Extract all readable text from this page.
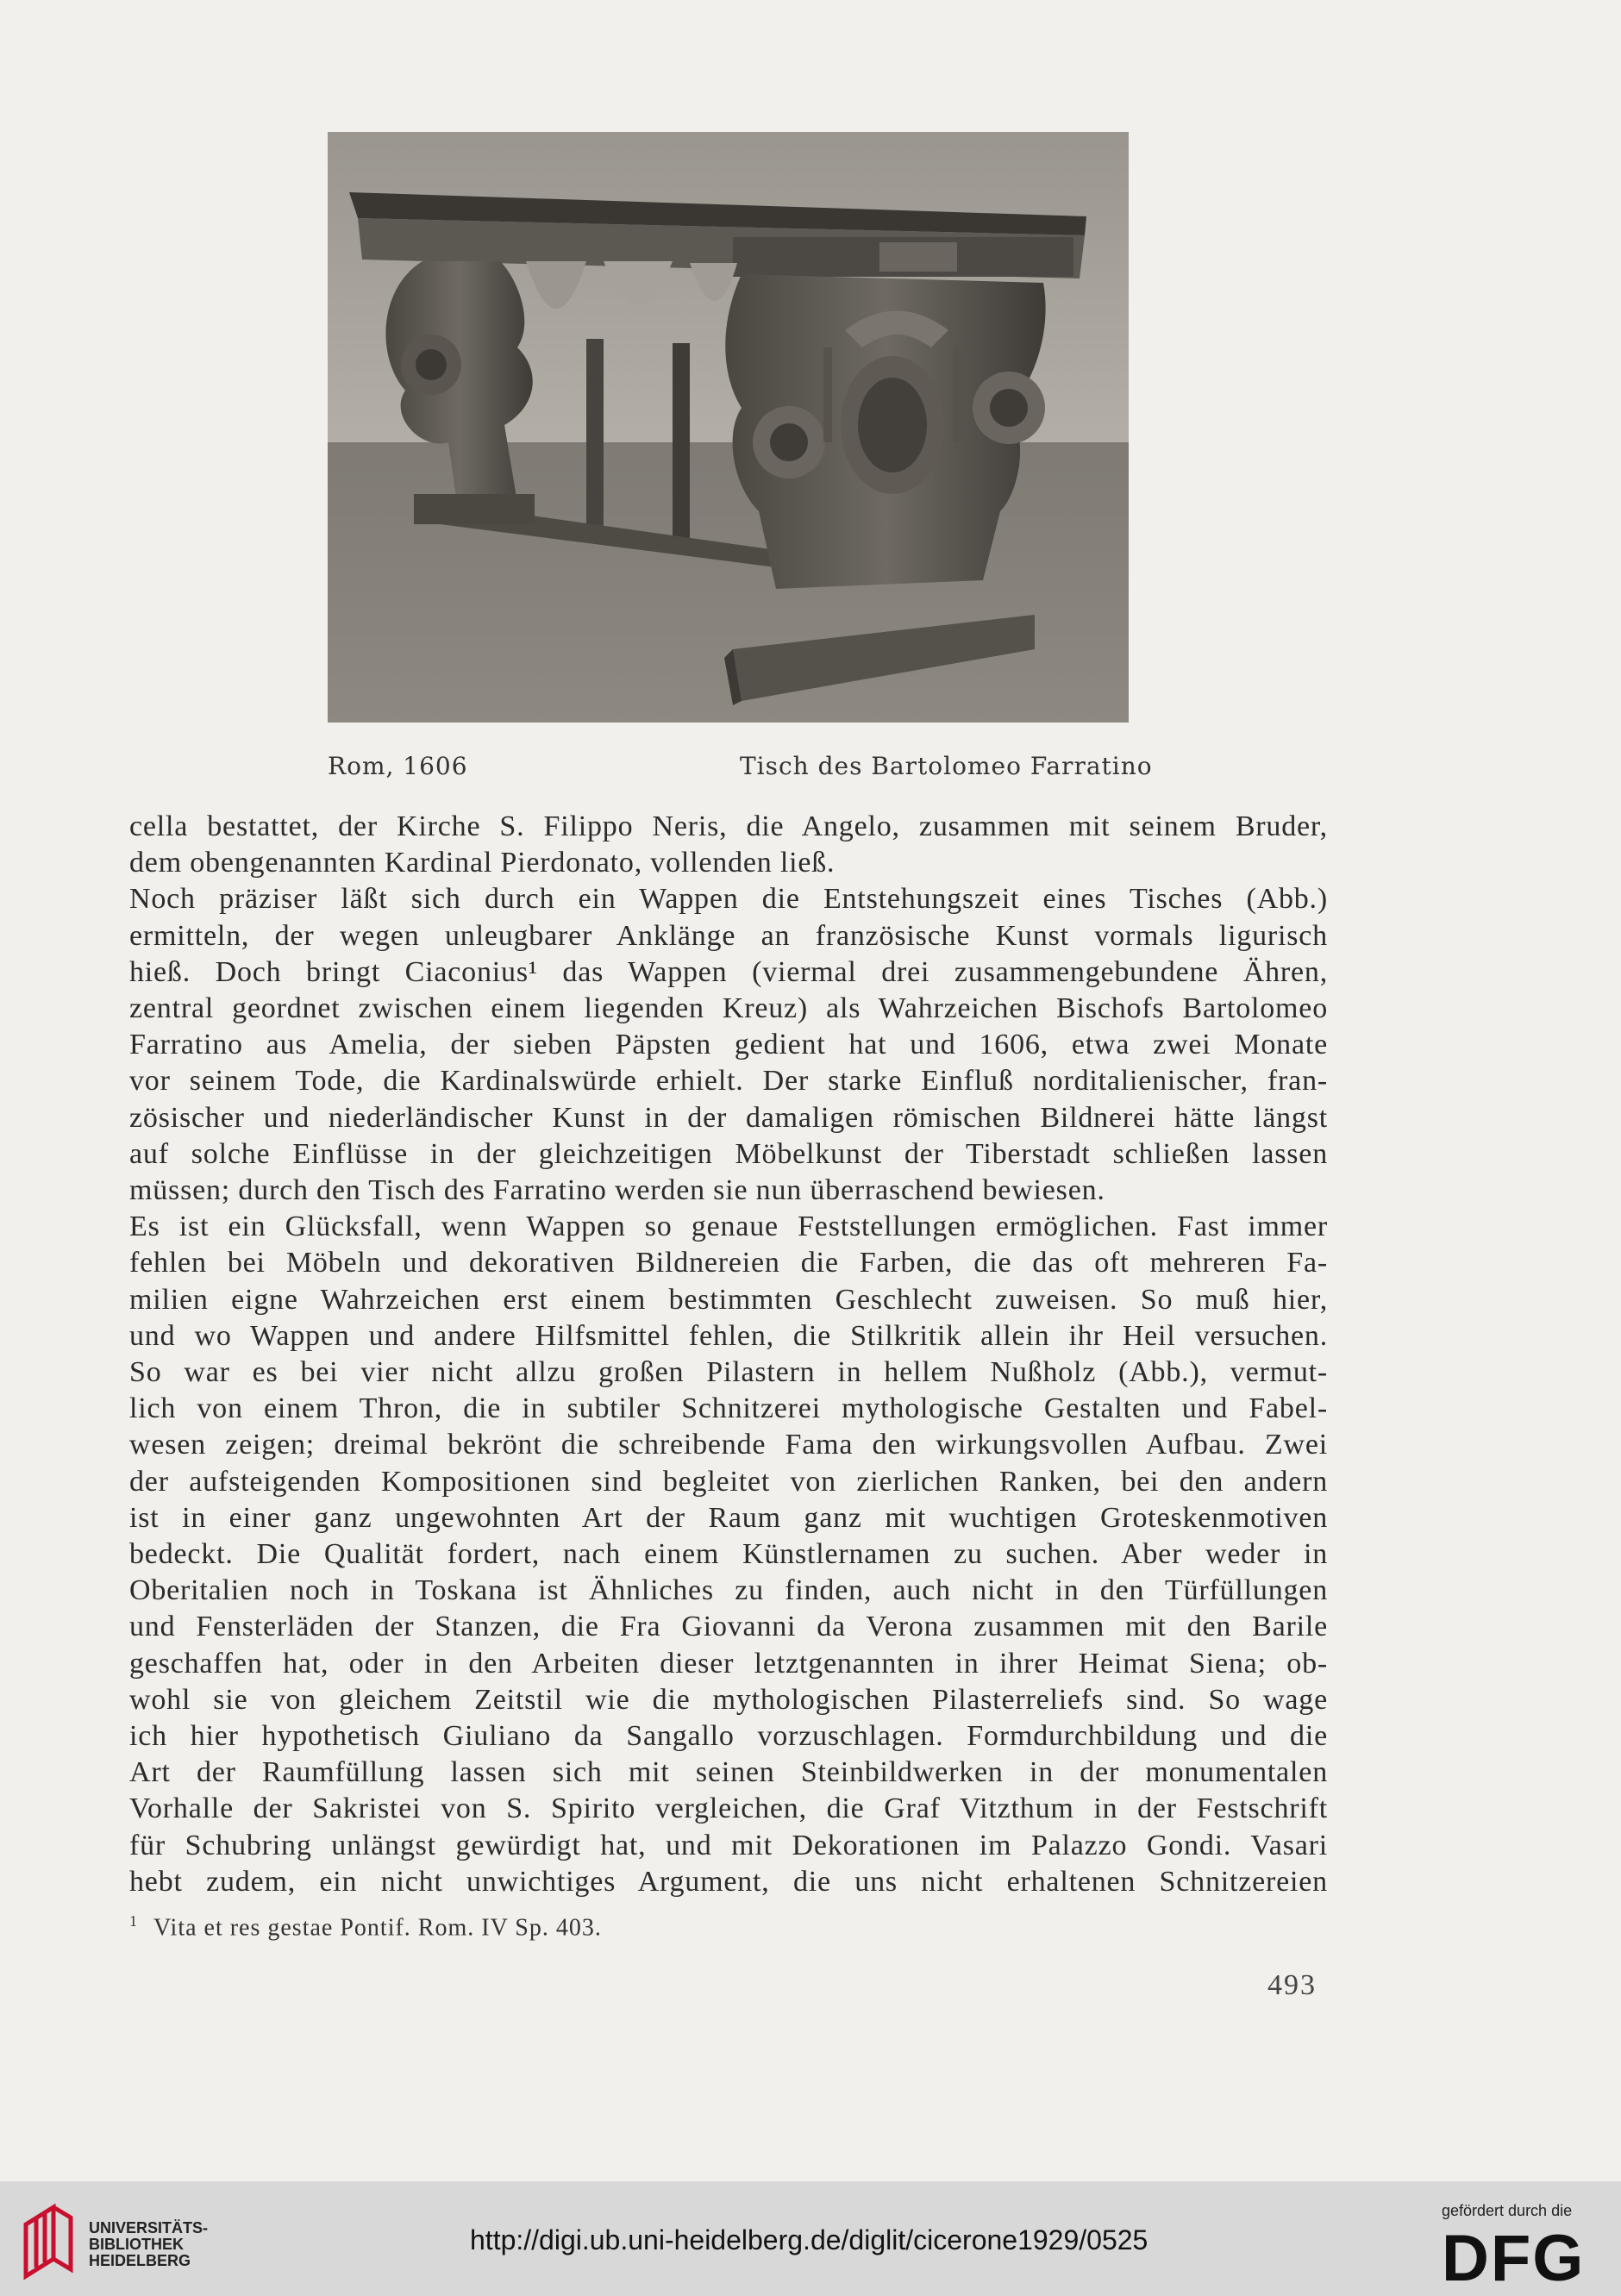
Rom, 1606	Tisch des Bartolomeo Farratino
cella bestattet, der Kirche S. Filippo Neris, die Angelo, zusammen mit seinem Bruder,
dem obengenannten Kardinal Pierdonato, vollenden ließ.
Noch präziser läßt sich durch ein Wappen die Entstehungszeit eines Tisches (Abb.)
ermitteln, der wegen unleugbarer Anklänge an französische Kunst vormals ligurisch
hieß. Doch bringt Ciaconius¹ das Wappen (viermal drei zusammengebundene Ähren,
zentral geordnet zwischen einem liegenden Kreuz) als Wahrzeichen Bischofs Bartolomeo
Farratino aus Amelia, der sieben Päpsten gedient hat und 1606, etwa zwei Monate
vor seinem Tode, die Kardinalswürde erhielt. Der starke Einfluß norditalienischer, fran-
zösischer und niederländischer Kunst in der damaligen römischen Bildnerei hätte längst
auf solche Einflüsse in der gleichzeitigen Möbelkunst der Tiberstadt schließen lassen
müssen; durch den Tisch des Farratino werden sie nun überraschend bewiesen.
Es ist ein Glücksfall, wenn Wappen so genaue Feststellungen ermöglichen. Fast immer
fehlen bei Möbeln und dekorativen Bildnereien die Farben, die das oft mehreren Fa-
milien eigne Wahrzeichen erst einem bestimmten Geschlecht zuweisen. So muß hier,
und wo Wappen und andere Hilfsmittel fehlen, die Stilkritik allein ihr Heil versuchen.
So war es bei vier nicht allzu großen Pilastern in hellem Nußholz (Abb.), vermut-
lich von einem Thron, die in subtiler Schnitzerei mythologische Gestalten und Fabel-
wesen zeigen; dreimal bekrönt die schreibende Fama den wirkungsvollen Aufbau. Zwei
der aufsteigenden Kompositionen sind begleitet von zierlichen Ranken, bei den andern
ist in einer ganz ungewohnten Art der Raum ganz mit wuchtigen Groteskenmotiven
bedeckt. Die Qualität fordert, nach einem Künstlernamen zu suchen. Aber weder in
Oberitalien noch in Toskana ist Ähnliches zu finden, auch nicht in den Türfüllungen
und Fensterläden der Stanzen, die Fra Giovanni da Verona zusammen mit den Barile
geschaffen hat, oder in den Arbeiten dieser letztgenannten in ihrer Heimat Siena; ob-
wohl sie von gleichem Zeitstil wie die mythologischen Pilasterreliefs sind. So wage
ich hier hypothetisch Giuliano da Sangallo vorzuschlagen. Formdurchbildung und die
Art der Raumfüllung lassen sich mit seinen Steinbildwerken in der monumentalen
Vorhalle der Sakristei von S. Spirito vergleichen, die Graf Vitzthum in der Festschrift
für Schubring unlängst gewürdigt hat, und mit Dekorationen im Palazzo Gondi. Vasari
hebt zudem, ein nicht unwichtiges Argument, die uns nicht erhaltenen Schnitzereien
$^1$ Vita et res gestae Pontif. Rom. IV Sp. 403.
493
UNIVERSITÄTS-
BIBLIOTHEK
HEIDELBERG
http://digi.ub.uni-heidelberg.de/diglit/cicerone1929/0525
gefördert durch die
DFG
